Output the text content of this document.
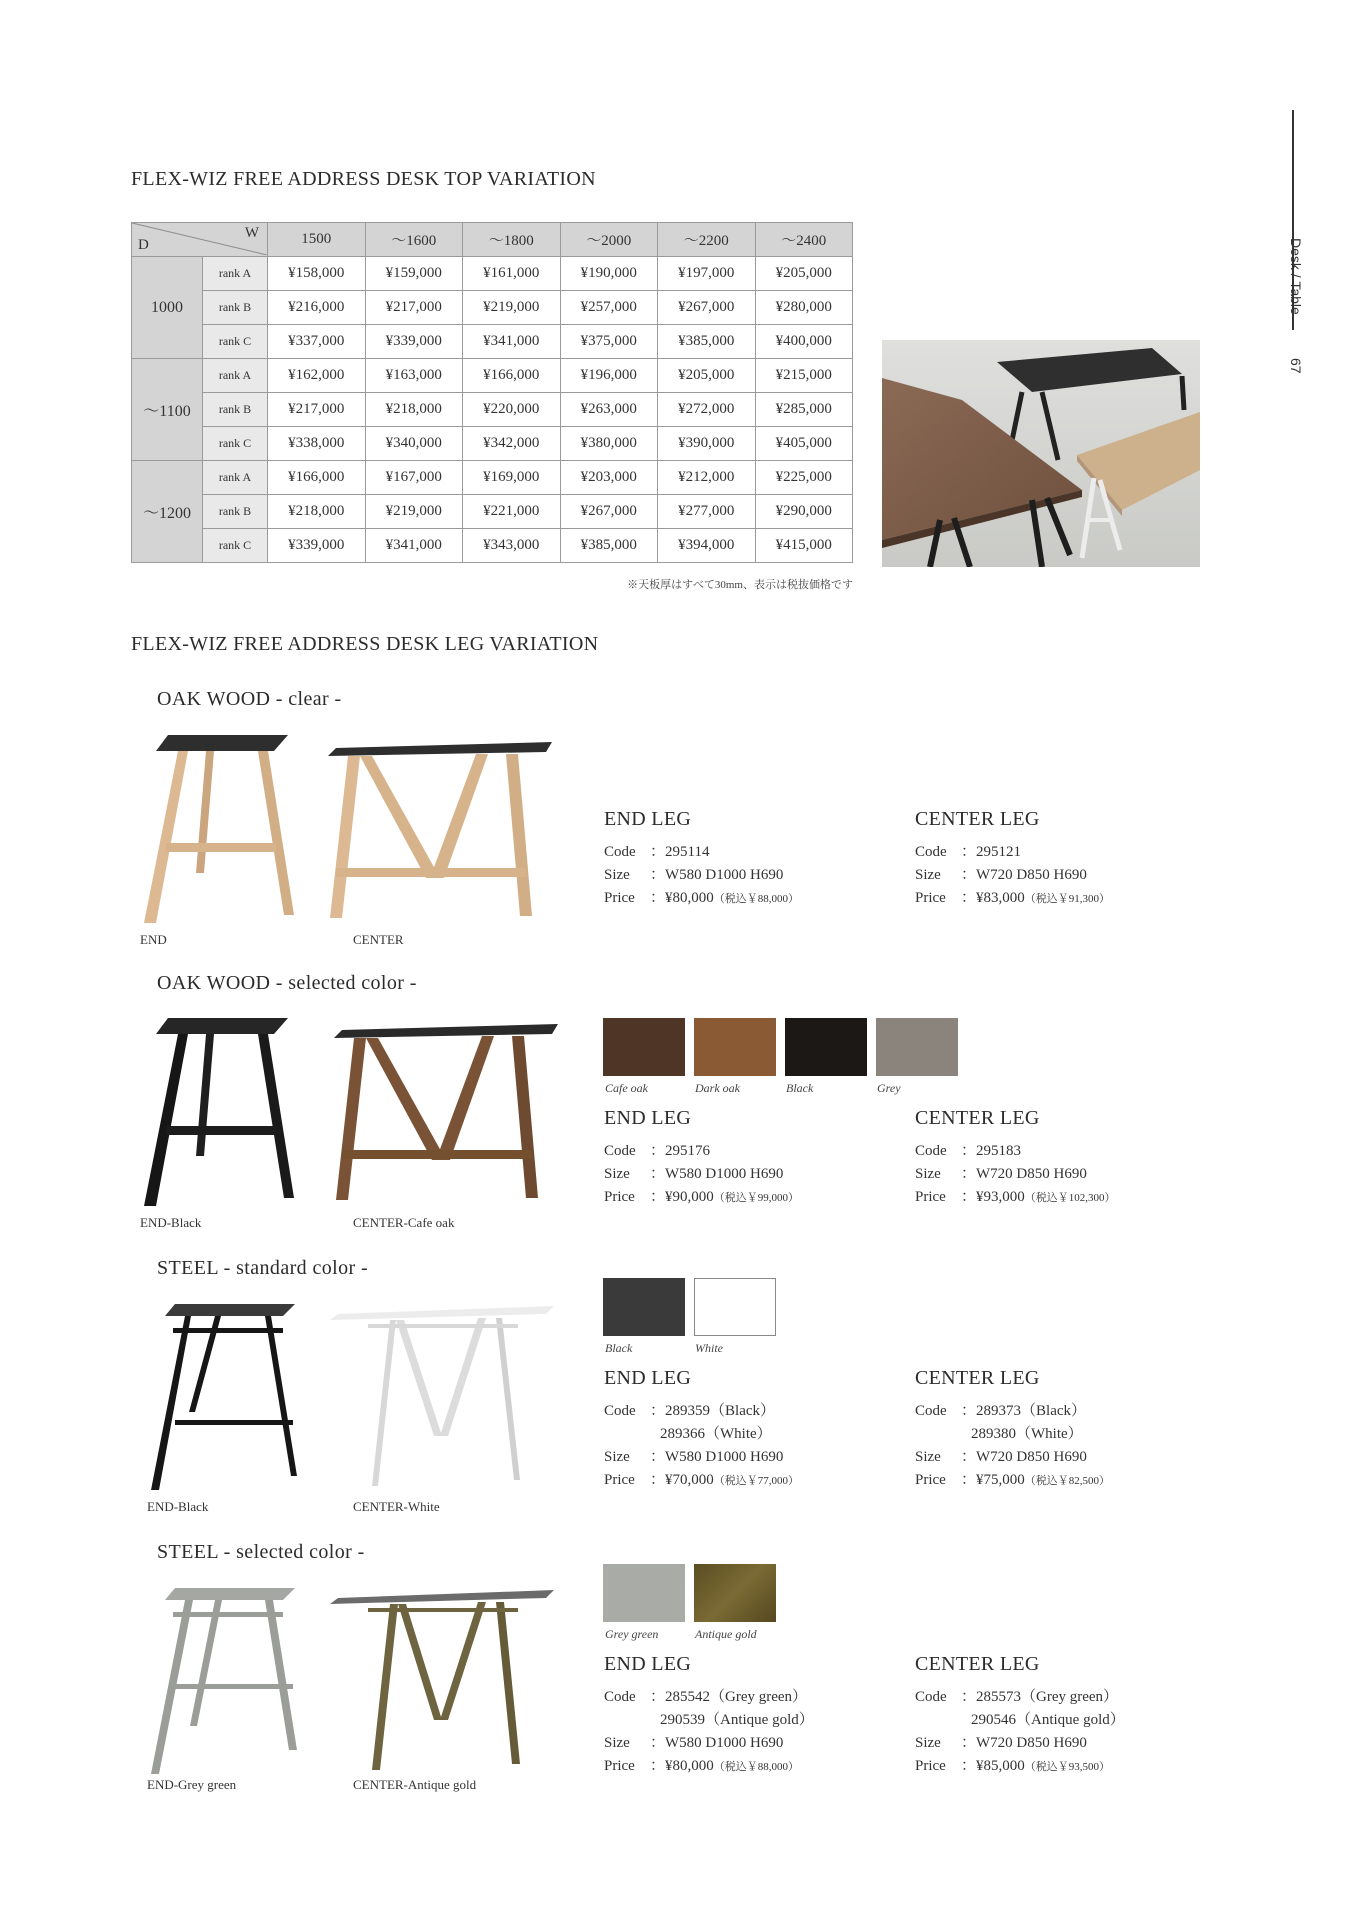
FLEX-WIZ FREE ADDRESS DESK TOP VARIATION
Desk / Table
67
W
D		1500	～1600	～1800	～2000	～2200	～2400
1000	rank A	¥158,000	¥159,000	¥161,000	¥190,000	¥197,000	¥205,000
	rank B	¥216,000	¥217,000	¥219,000	¥257,000	¥267,000	¥280,000
	rank C	¥337,000	¥339,000	¥341,000	¥375,000	¥385,000	¥400,000
～1100	rank A	¥162,000	¥163,000	¥166,000	¥196,000	¥205,000	¥215,000
	rank B	¥217,000	¥218,000	¥220,000	¥263,000	¥272,000	¥285,000
	rank C	¥338,000	¥340,000	¥342,000	¥380,000	¥390,000	¥405,000
～1200	rank A	¥166,000	¥167,000	¥169,000	¥203,000	¥212,000	¥225,000
	rank B	¥218,000	¥219,000	¥221,000	¥267,000	¥277,000	¥290,000
	rank C	¥339,000	¥341,000	¥343,000	¥385,000	¥394,000	¥415,000
※天板厚はすべて30mm、表示は税抜価格です
FLEX-WIZ FREE ADDRESS DESK LEG VARIATION
OAK WOOD - clear -
END	CENTER
END LEG
Code ：295114
Size ：W580 D1000 H690
Price ：¥80,000（税込￥88,000）
CENTER LEG
Code ：295121
Size ：W720 D850 H690
Price ：¥83,000（税込￥91,300）
OAK WOOD - selected color -
END-Black	CENTER-Cafe oak
Cafe oak	Dark oak	Black	Grey
END LEG
Code ：295176
Size ：W580 D1000 H690
Price ：¥90,000（税込￥99,000）
CENTER LEG
Code ：295183
Size ：W720 D850 H690
Price ：¥93,000（税込￥102,300）
STEEL - standard color -
END-Black	CENTER-White
Black	White
END LEG
Code ：289359（Black）
289366（White）
Size ：W580 D1000 H690
Price ：¥70,000（税込￥77,000）
CENTER LEG
Code ：289373（Black）
289380（White）
Size ：W720 D850 H690
Price ：¥75,000（税込￥82,500）
STEEL - selected color -
END-Grey green	CENTER-Antique gold
Grey green	Antique gold
END LEG
Code ：285542（Grey green）
290539（Antique gold）
Size ：W580 D1000 H690
Price ：¥80,000（税込￥88,000）
CENTER LEG
Code ：285573（Grey green）
290546（Antique gold）
Size ：W720 D850 H690
Price ：¥85,000（税込￥93,500）
